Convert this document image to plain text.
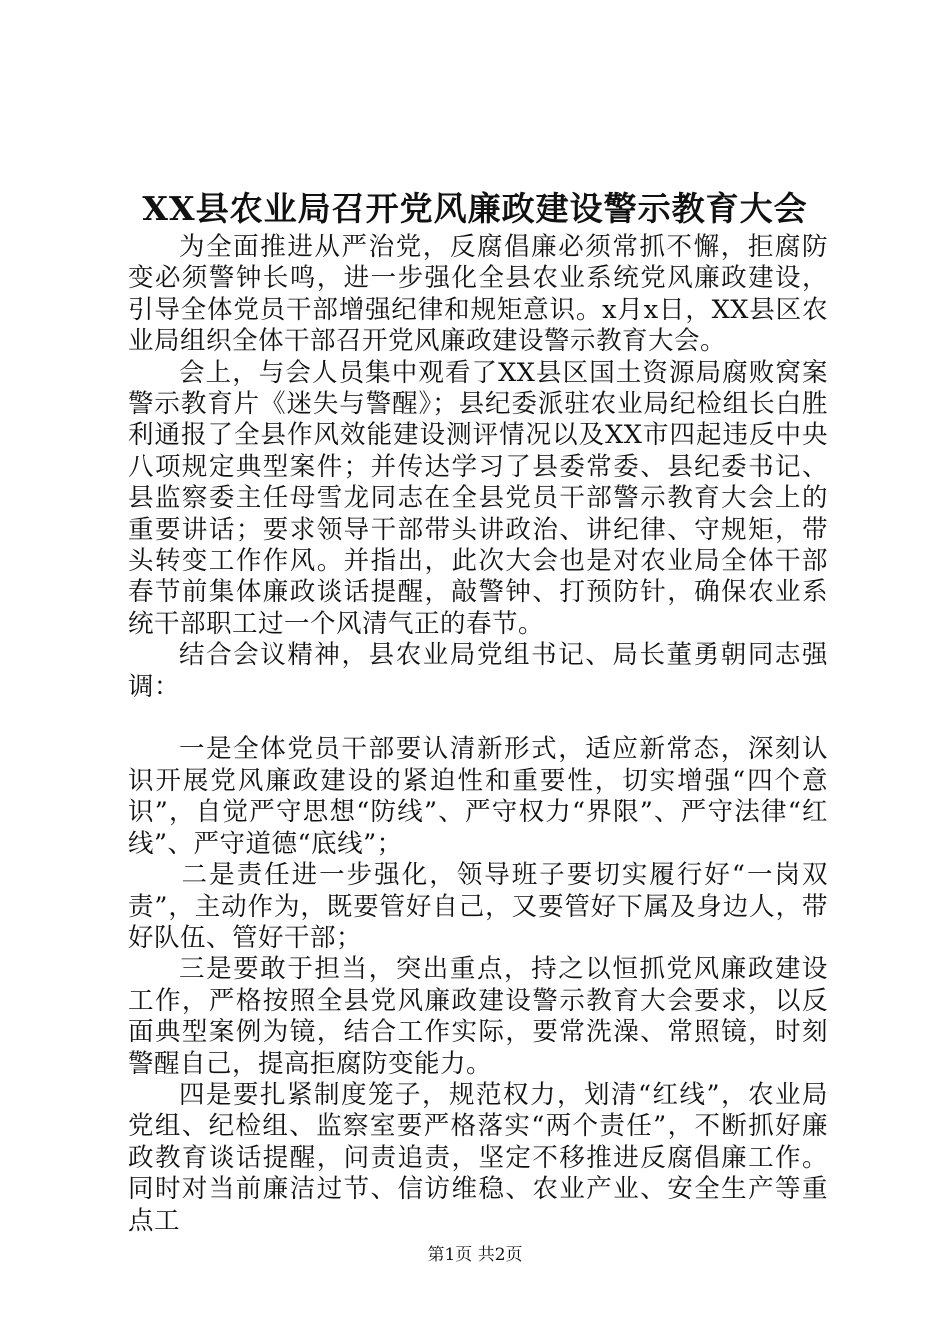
XX县农业局召开党风廉政建设警示教育大会

为全面推进从严治党，反腐倡廉必须常抓不懈，拒腐防变必须警钟长鸣，进一步强化全县农业系统党风廉政建设，引导全体党员干部增强纪律和规矩意识。x月x日，XX县区农业局组织全体干部召开党风廉政建设警示教育大会。

会上，与会人员集中观看了XX县区国土资源局腐败窝案警示教育片《迷失与警醒》；县纪委派驻农业局纪检组长白胜利通报了全县作风效能建设测评情况以及XX市四起违反中央八项规定典型案件；并传达学习了县委常委、县纪委书记、县监察委主任母雪龙同志在全县党员干部警示教育大会上的重要讲话；要求领导干部带头讲政治、讲纪律、守规矩，带头转变工作作风。并指出，此次大会也是对农业局全体干部春节前集体廉政谈话提醒，敲警钟、打预防针，确保农业系统干部职工过一个风清气正的春节。

结合会议精神，县农业局党组书记、局长董勇朝同志强调：

一是全体党员干部要认清新形式，适应新常态，深刻认识开展党风廉政建设的紧迫性和重要性，切实增强“四个意识”，自觉严守思想“防线”、严守权力“界限”、严守法律“红线”、严守道德“底线”；

二是责任进一步强化，领导班子要切实履行好“一岗双责”，主动作为，既要管好自己，又要管好下属及身边人，带好队伍、管好干部；

三是要敢于担当，突出重点，持之以恒抓党风廉政建设工作，严格按照全县党风廉政建设警示教育大会要求，以反面典型案例为镜，结合工作实际，要常洗澡、常照镜，时刻警醒自己，提高拒腐防变能力。

四是要扎紧制度笼子，规范权力，划清“红线”，农业局党组、纪检组、监察室要严格落实“两个责任”，不断抓好廉政教育谈话提醒，问责追责，坚定不移推进反腐倡廉工作。同时对当前廉洁过节、信访维稳、农业产业、安全生产等重点工

第1页 共2页
